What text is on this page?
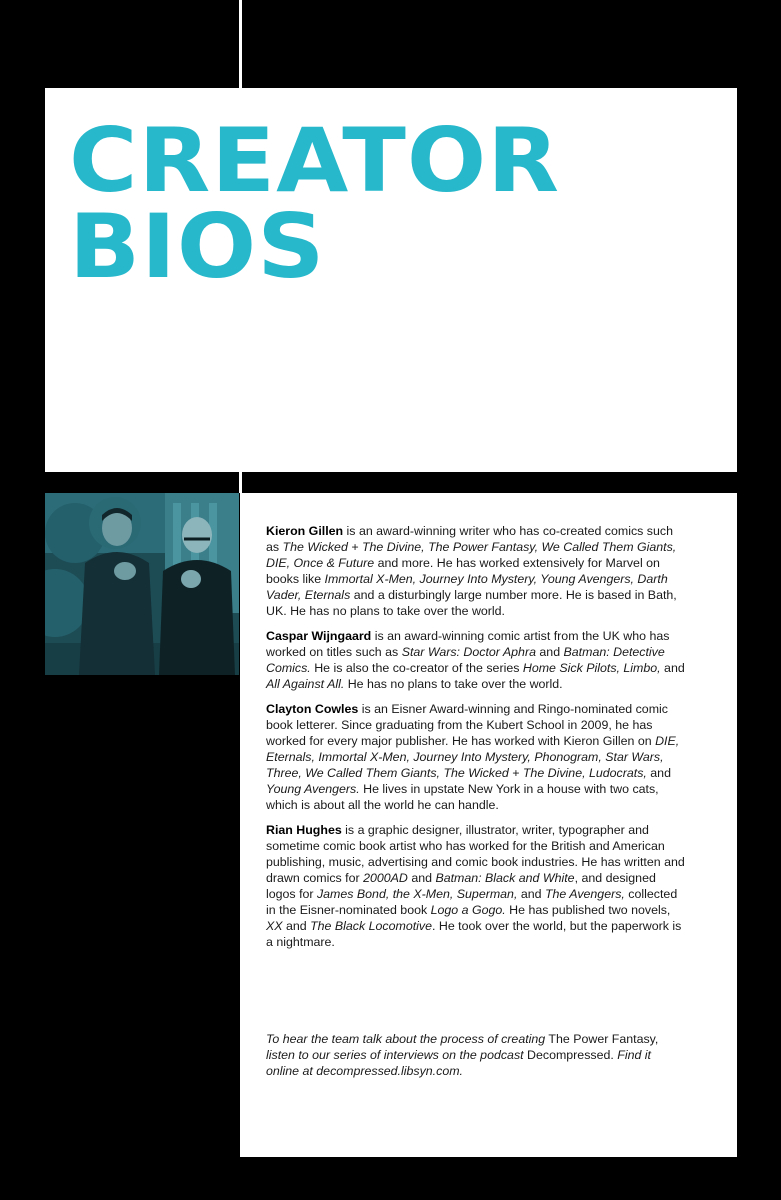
CREATOR
BIOS

Kieron Gillen is an award-winning writer who has co-created comics such as The Wicked + The Divine, The Power Fantasy, We Called Them Giants, DIE, Once & Future and more. He has worked extensively for Marvel on books like Immortal X-Men, Journey Into Mystery, Young Avengers, Darth Vader, Eternals and a disturbingly large number more. He is based in Bath, UK. He has no plans to take over the world.

Caspar Wijngaard is an award-winning comic artist from the UK who has worked on titles such as Star Wars: Doctor Aphra and Batman: Detective Comics. He is also the co-creator of the series Home Sick Pilots, Limbo, and All Against All. He has no plans to take over the world.

Clayton Cowles is an Eisner Award-winning and Ringo-nominated comic book letterer. Since graduating from the Kubert School in 2009, he has worked for every major publisher. He has worked with Kieron Gillen on DIE, Eternals, Immortal X-Men, Journey Into Mystery, Phonogram, Star Wars, Three, We Called Them Giants, The Wicked + The Divine, Ludocrats, and Young Avengers. He lives in upstate New York in a house with two cats, which is about all the world he can handle.

Rian Hughes is a graphic designer, illustrator, writer, typographer and sometime comic book artist who has worked for the British and American publishing, music, advertising and comic book industries. He has written and drawn comics for 2000AD and Batman: Black and White, and designed logos for James Bond, the X-Men, Superman, and The Avengers, collected in the Eisner-nominated book Logo a Gogo. He has published two novels, XX and The Black Locomotive. He took over the world, but the paperwork is a nightmare.

To hear the team talk about the process of creating The Power Fantasy, listen to our series of interviews on the podcast Decompressed. Find it online at decompressed.libsyn.com.
